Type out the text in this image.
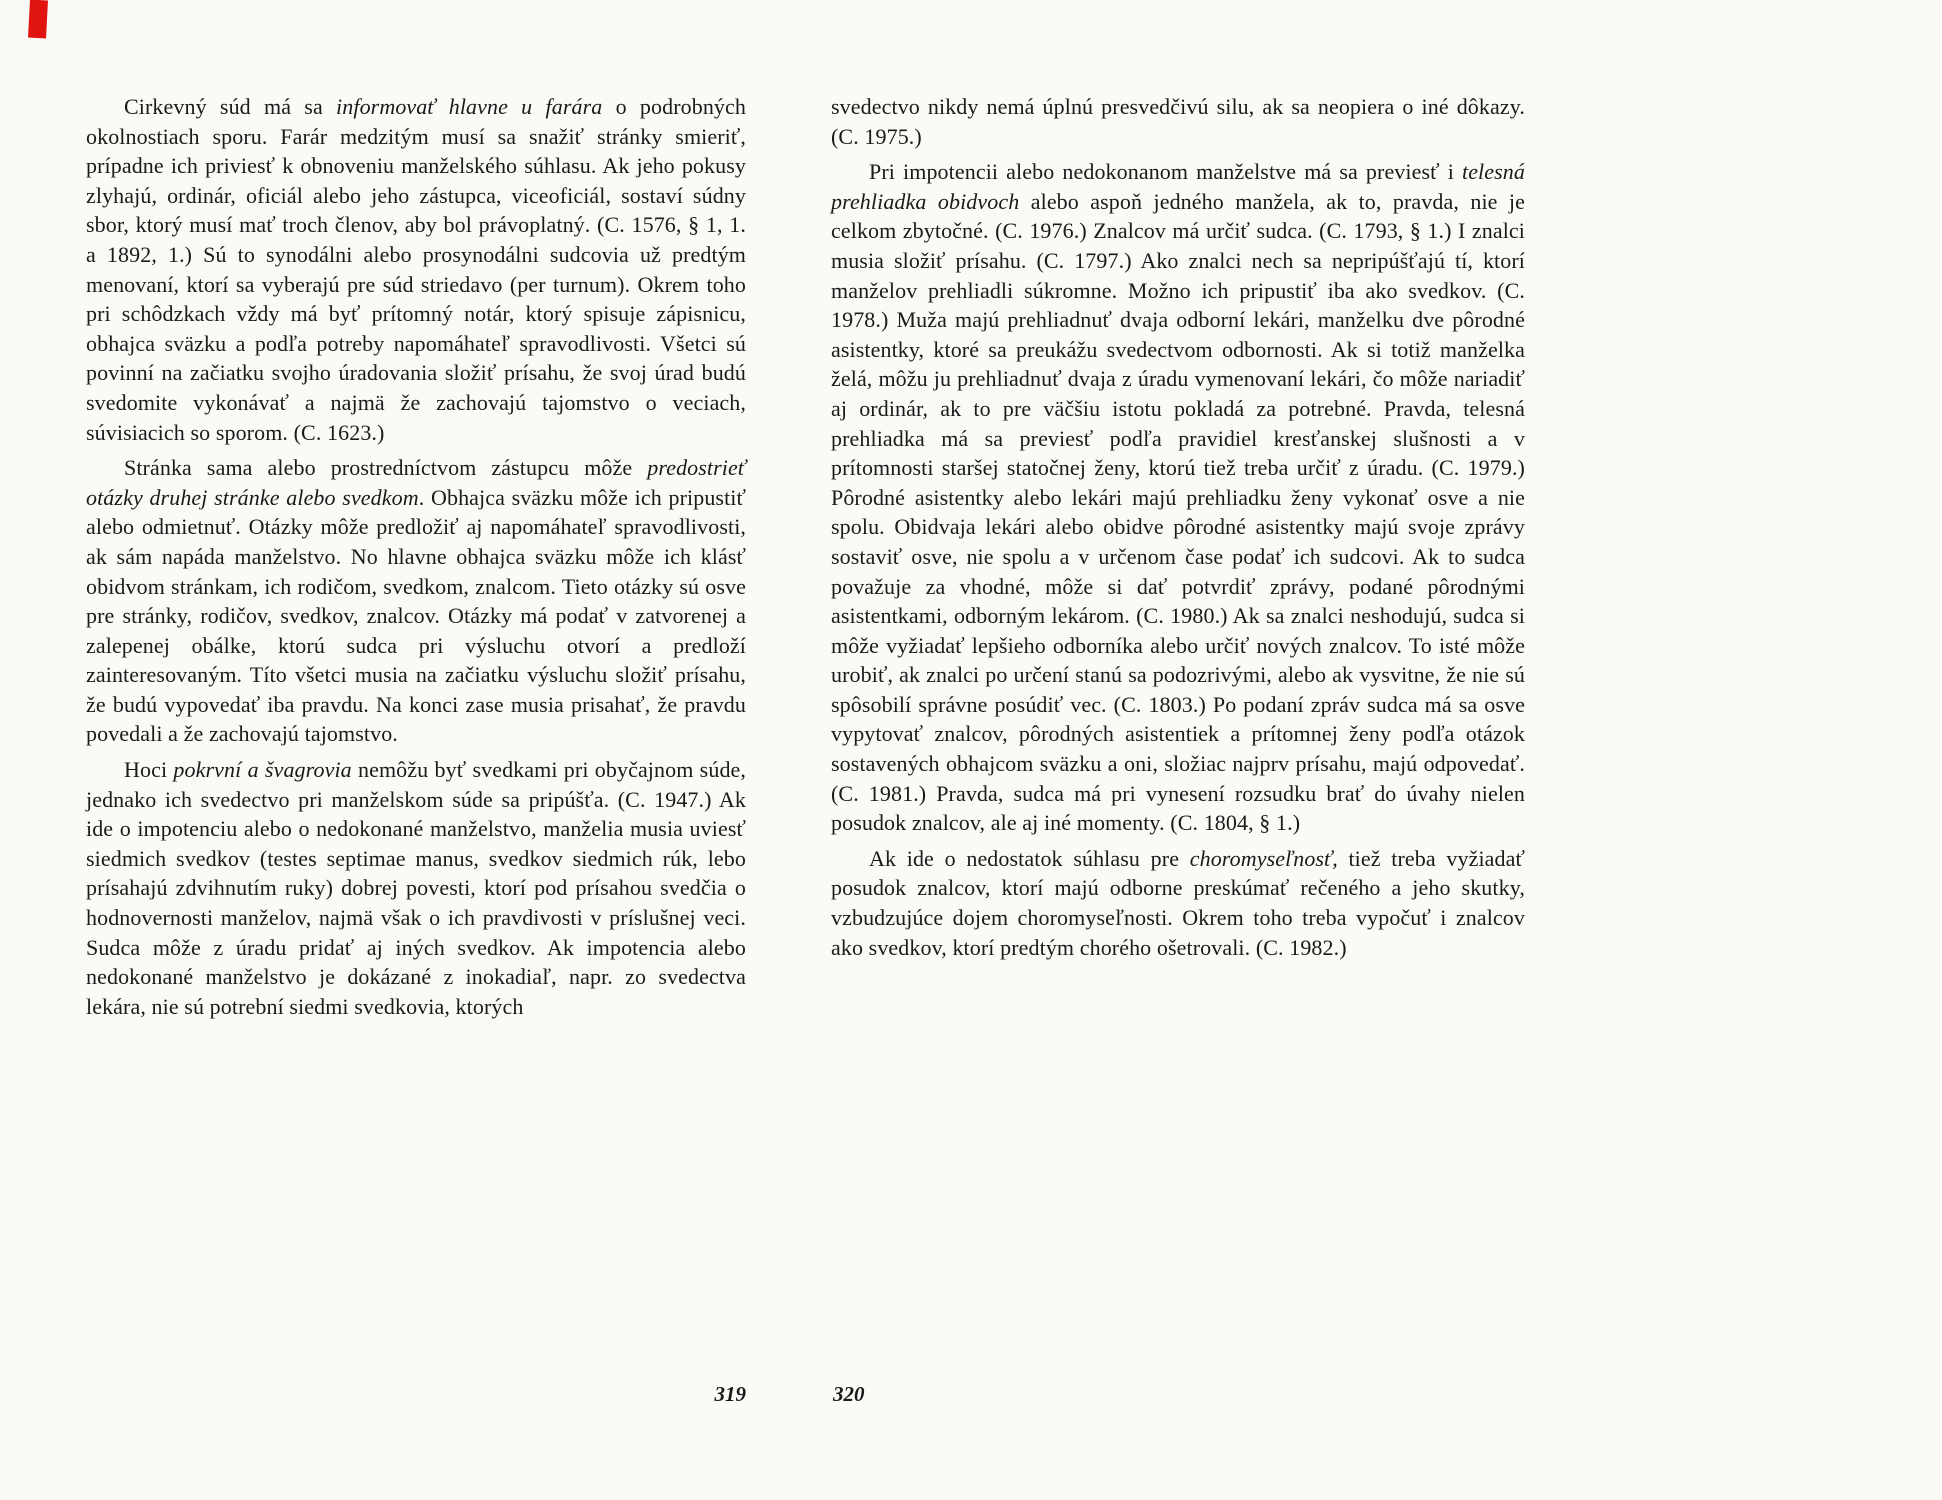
Cirkevný súd má sa informovať hlavne u farára o podrobných okolnostiach sporu. Farár medzitým musí sa snažiť stránky smieriť, prípadne ich priviesť k obnoveniu manželského súhlasu. Ak jeho pokusy zlyhajú, ordinár, oficiál alebo jeho zástupca, viceoficiál, sostaví súdny sbor, ktorý musí mať troch členov, aby bol právoplatný. (C. 1576, § 1, 1. a 1892, 1.) Sú to synodálni alebo prosynodálni sudcovia už predtým menovaní, ktorí sa vyberajú pre súd striedavo (per turnum). Okrem toho pri schôdzkach vždy má byť prítomný notár, ktorý spisuje zápisnicu, obhajca sväzku a podľa potreby napomáhateľ spravodlivosti. Všetci sú povinní na začiatku svojho úradovania složiť prísahu, že svoj úrad budú svedomite vykonávať a najmä že zachovajú tajomstvo o veciach, súvisiacich so sporom. (C. 1623.)

Stránka sama alebo prostredníctvom zástupcu môže predostrieť otázky druhej stránke alebo svedkom. Obhajca sväzku môže ich pripustiť alebo odmietnuť. Otázky môže predložiť aj napomáhateľ spravodlivosti, ak sám napáda manželstvo. No hlavne obhajca sväzku môže ich klásť obidvom stránkam, ich rodičom, svedkom, znalcom. Tieto otázky sú osve pre stránky, rodičov, svedkov, znalcov. Otázky má podať v zatvorenej a zalepenej obálke, ktorú sudca pri výsluchu otvorí a predloží zainteresovaným. Títo všetci musia na začiatku výsluchu složiť prísahu, že budú vypovedať iba pravdu. Na konci zase musia prisahať, že pravdu povedali a že zachovajú tajomstvo.

Hoci pokrvní a švagrovia nemôžu byť svedkami pri obyčajnom súde, jednako ich svedectvo pri manželskom súde sa pripúšťa. (C. 1947.) Ak ide o impotenciu alebo o nedokonané manželstvo, manželia musia uviesť siedmich svedkov (testes septimae manus, svedkov siedmich rúk, lebo prísahajú zdvihnutím ruky) dobrej povesti, ktorí pod prísahou svedčia o hodnovernosti manželov, najmä však o ich pravdivosti v príslušnej veci. Sudca môže z úradu pridať aj iných svedkov. Ak impotencia alebo nedokonané manželstvo je dokázané z inokadiaľ, napr. zo svedectva lekára, nie sú potrební siedmi svedkovia, ktorých

svedectvo nikdy nemá úplnú presvedčivú silu, ak sa neopiera o iné dôkazy. (C. 1975.)

Pri impotencii alebo nedokonanom manželstve má sa previesť i telesná prehliadka obidvoch alebo aspoň jedného manžela, ak to, pravda, nie je celkom zbytočné. (C. 1976.) Znalcov má určiť sudca. (C. 1793, § 1.) I znalci musia složiť prísahu. (C. 1797.) Ako znalci nech sa nepripúšťajú tí, ktorí manželov prehliadli súkromne. Možno ich pripustiť iba ako svedkov. (C. 1978.) Muža majú prehliadnuť dvaja odborní lekári, manželku dve pôrodné asistentky, ktoré sa preukážu svedectvom odbornosti. Ak si totiž manželka želá, môžu ju prehliadnuť dvaja z úradu vymenovaní lekári, čo môže nariadiť aj ordinár, ak to pre väčšiu istotu pokladá za potrebné. Pravda, telesná prehliadka má sa previesť podľa pravidiel kresťanskej slušnosti a v prítomnosti staršej statočnej ženy, ktorú tiež treba určiť z úradu. (C. 1979.) Pôrodné asistentky alebo lekári majú prehliadku ženy vykonať osve a nie spolu. Obidvaja lekári alebo obidve pôrodné asistentky majú svoje zprávy sostaviť osve, nie spolu a v určenom čase podať ich sudcovi. Ak to sudca považuje za vhodné, môže si dať potvrdiť zprávy, podané pôrodnými asistentkami, odborným lekárom. (C. 1980.) Ak sa znalci neshodujú, sudca si môže vyžiadať lepšieho odborníka alebo určiť nových znalcov. To isté môže urobiť, ak znalci po určení stanú sa podozrivými, alebo ak vysvitne, že nie sú spôsobilí správne posúdiť vec. (C. 1803.) Po podaní zpráv sudca má sa osve vypytovať znalcov, pôrodných asistentiek a prítomnej ženy podľa otázok sostavených obhajcom sväzku a oni, složiac najprv prísahu, majú odpovedať. (C. 1981.) Pravda, sudca má pri vynesení rozsudku brať do úvahy nielen posudok znalcov, ale aj iné momenty. (C. 1804, § 1.)

Ak ide o nedostatok súhlasu pre choromyseľnosť, tiež treba vyžiadať posudok znalcov, ktorí majú odborne preskúmať rečeného a jeho skutky, vzbudzujúce dojem choromyseľnosti. Okrem toho treba vypočuť i znalcov ako svedkov, ktorí predtým chorého ošetrovali. (C. 1982.)

319	320
